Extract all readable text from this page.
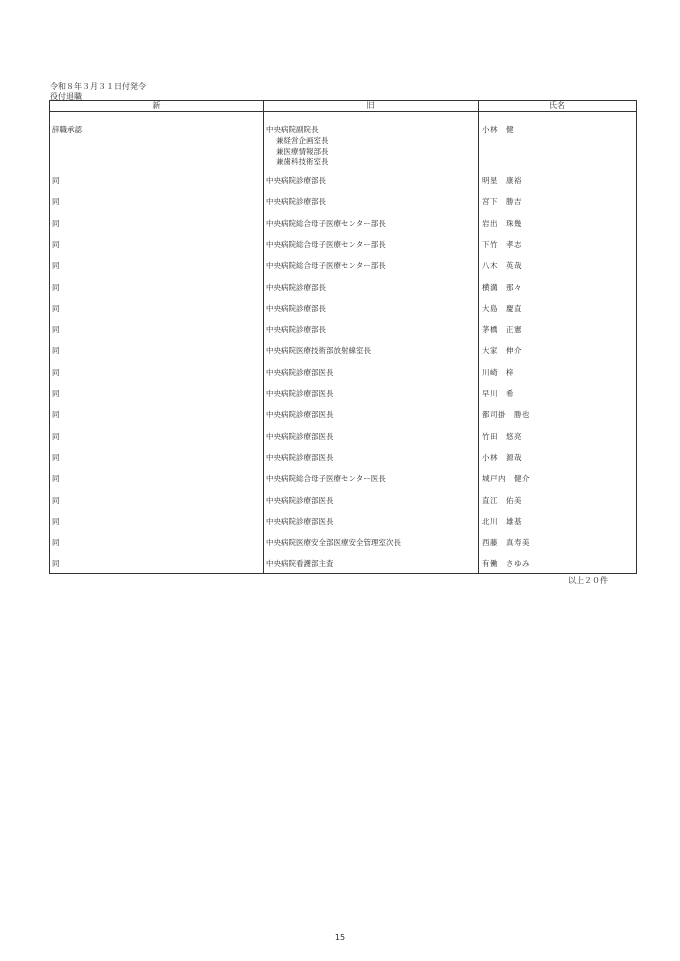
令和８年３月３１日付発令
役付退職
新	旧	氏名
辞職承認	中央病院副院長	小林　健
兼経営企画室長
兼医療情報部長
兼歯科技術室長
同	中央病院診療部長	明星　康裕
同	中央病院診療部長	宮下　勝吉
同	中央病院総合母子医療センター部長	岩出　珠幾
同	中央病院総合母子医療センター部長	下竹　孝志
同	中央病院総合母子医療センター部長	八木　英哉
同	中央病院診療部長	横溝　那々
同	中央病院診療部長	大島　慶直
同	中央病院診療部長	茅橋　正憲
同	中央病院医療技術部放射線室長	大家　伸介
同	中央病院診療部医長	川崎　梓
同	中央病院診療部医長	早川　希
同	中央病院診療部医長	都司掛　勝也
同	中央病院診療部医長	竹田　悠亮
同	中央病院診療部医長	小林　源哉
同	中央病院総合母子医療センター医長	城戸内　健介
同	中央病院診療部医長	直江　佑美
同	中央病院診療部医長	北川　雄基
同	中央病院医療安全部医療安全管理室次長	西藤　真寿美
同	中央病院看護部主査	有働　さゆみ
以上２０件
15
